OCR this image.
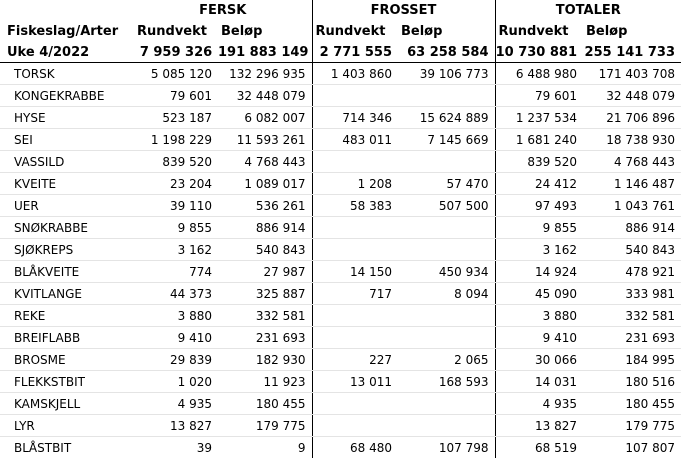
	FERSK		FROSSET		TOTALER	
Fiskeslag/Arter	Rundvekt	Beløp	Rundvekt	Beløp	Rundvekt	Beløp
Uke 4/2022	7 959 326	191 883 149	2 771 555	63 258 584	10 730 881	255 141 733
TORSK	5 085 120	132 296 935	1 403 860	39 106 773	6 488 980	171 403 708
KONGEKRABBE	79 601	32 448 079			79 601	32 448 079
HYSE	523 187	6 082 007	714 346	15 624 889	1 237 534	21 706 896
SEI	1 198 229	11 593 261	483 011	7 145 669	1 681 240	18 738 930
VASSILD	839 520	4 768 443			839 520	4 768 443
KVEITE	23 204	1 089 017	1 208	57 470	24 412	1 146 487
UER	39 110	536 261	58 383	507 500	97 493	1 043 761
SNØKRABBE	9 855	886 914			9 855	886 914
SJØKREPS	3 162	540 843			3 162	540 843
BLÅKVEITE	774	27 987	14 150	450 934	14 924	478 921
KVITLANGE	44 373	325 887	717	8 094	45 090	333 981
REKE	3 880	332 581			3 880	332 581
BREIFLABB	9 410	231 693			9 410	231 693
BROSME	29 839	182 930	227	2 065	30 066	184 995
FLEKKSTBIT	1 020	11 923	13 011	168 593	14 031	180 516
KAMSKJELL	4 935	180 455			4 935	180 455
LYR	13 827	179 775			13 827	179 775
BLÅSTBIT	39	9	68 480	107 798	68 519	107 807
